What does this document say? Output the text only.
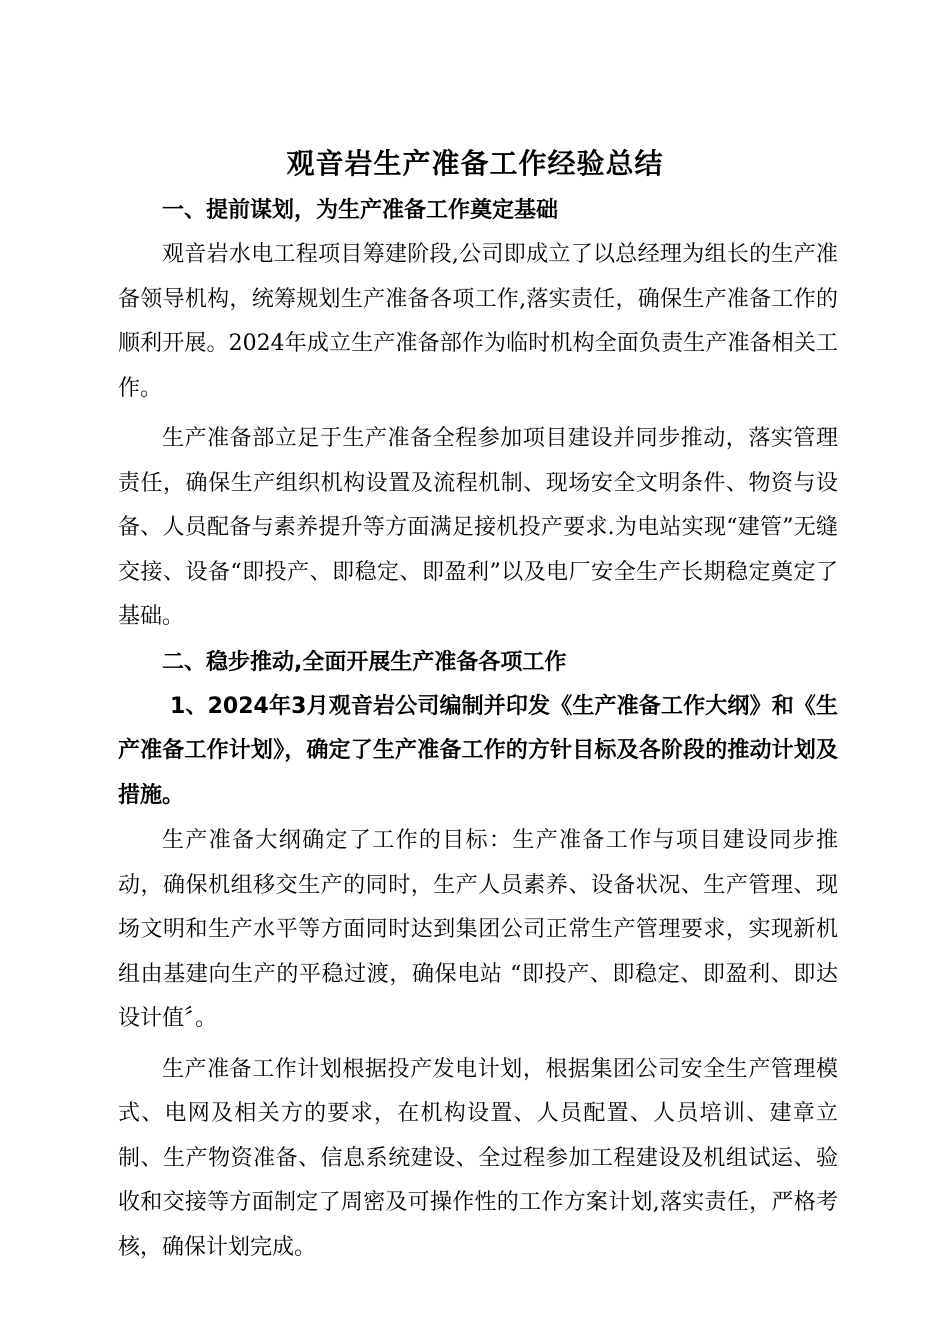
观音岩生产准备工作经验总结

一、提前谋划，为生产准备工作奠定基础

观音岩水电工程项目筹建阶段,公司即成立了以总经理为组长的生产准备领导机构，统筹规划生产准备各项工作,落实责任，确保生产准备工作的顺利开展。2024年成立生产准备部作为临时机构全面负责生产准备相关工作。

生产准备部立足于生产准备全程参加项目建设并同步推动，落实管理责任，确保生产组织机构设置及流程机制、现场安全文明条件、物资与设备、人员配备与素养提升等方面满足接机投产要求.为电站实现“建管”无缝交接、设备“即投产、即稳定、即盈利”以及电厂安全生产长期稳定奠定了基础。

二、稳步推动,全面开展生产准备各项工作

1、2024年3月观音岩公司编制并印发《生产准备工作大纲》和《生产准备工作计划》，确定了生产准备工作的方针目标及各阶段的推动计划及措施。

生产准备大纲确定了工作的目标：生产准备工作与项目建设同步推动，确保机组移交生产的同时，生产人员素养、设备状况、生产管理、现场文明和生产水平等方面同时达到集团公司正常生产管理要求，实现新机组由基建向生产的平稳过渡，确保电站 “即投产、即稳定、即盈利、即达设计值〞。

生产准备工作计划根据投产发电计划，根据集团公司安全生产管理模式、电网及相关方的要求，在机构设置、人员配置、人员培训、建章立制、生产物资准备、信息系统建设、全过程参加工程建设及机组试运、验收和交接等方面制定了周密及可操作性的工作方案计划,落实责任，严格考核，确保计划完成。
